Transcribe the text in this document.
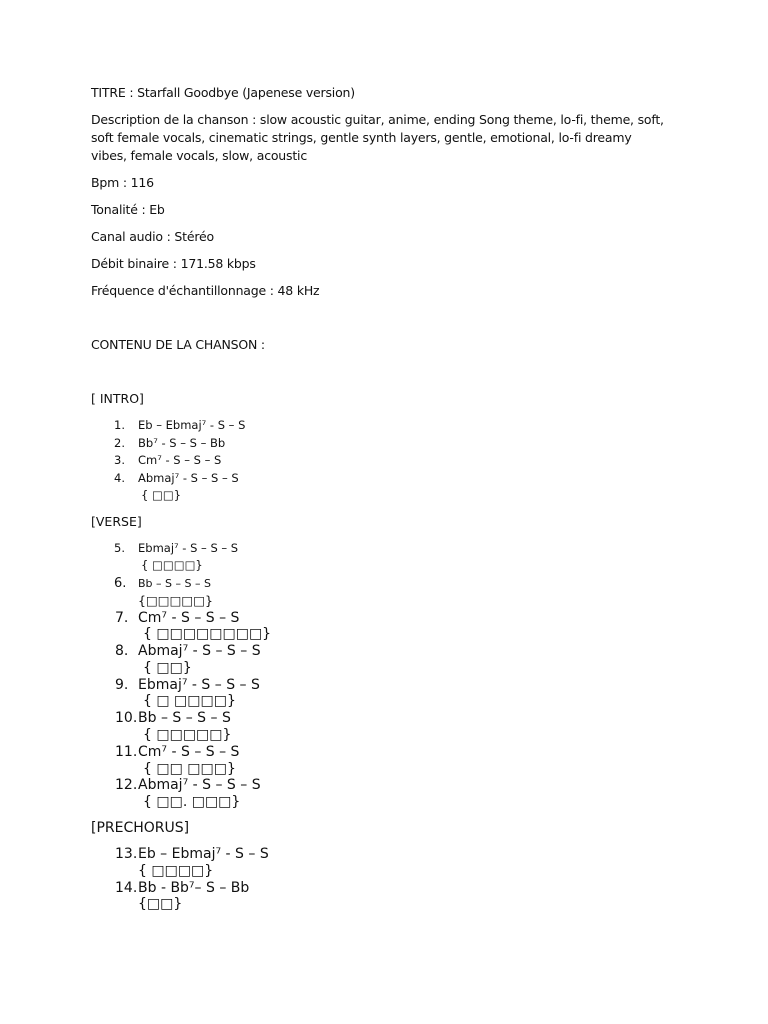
TITRE : Starfall Goodbye (Japenese version)

Description de la chanson : slow acoustic guitar, anime, ending Song theme, lo-fi, theme, soft, soft female vocals, cinematic strings, gentle synth layers, gentle, emotional, lo-fi dreamy vibes, female vocals, slow, acoustic

Bpm : 116

Tonalité : Eb

Canal audio : Stéréo

Débit binaire : 171.58 kbps

Fréquence d'échantillonnage : 48 kHz

CONTENU DE LA CHANSON :

[ INTRO]

1.	Eb – Ebmaj⁷ - S – S
2.	Bb⁷ - S – S – Bb
3.	Cm⁷ - S – S – S
4.	Abmaj⁷ - S – S – S
{ □□}

[VERSE]

5.	Ebmaj⁷ - S – S – S
{ □□□□}
6.	Bb – S – S – S
{□□□□□}
7. Cm⁷ - S – S – S
{ □□□□□□□□}
8. Abmaj⁷ - S – S – S
{ □□}
9. Ebmaj⁷ - S – S – S
{ □ □□□□}
10. Bb – S – S – S
{ □□□□□}
11. Cm⁷ - S – S – S
{ □□ □□□}
12. Abmaj⁷ - S – S – S
{ □□. □□□}

[PRECHORUS]

13. Eb – Ebmaj⁷ - S – S
{ □□□□}
14. Bb - Bb⁷– S – Bb
{□□}
